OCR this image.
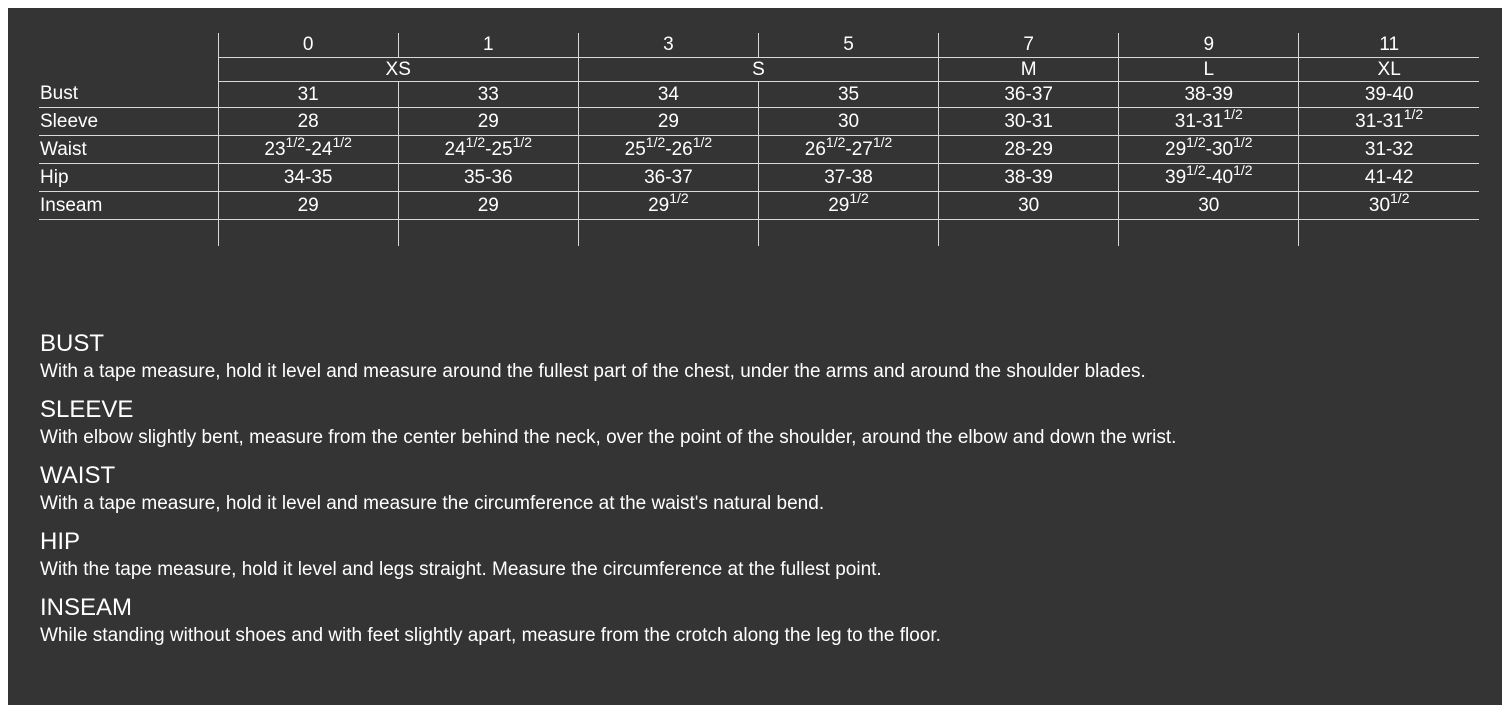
	0	1	3	5	7	9	11
	XS		S		M	L	XL
Bust	31	33	34	35	36-37	38-39	39-40
Sleeve	28	29	29	30	30-31	$31-31^{1/2}$	$31-31^{1/2}$
Waist	$23^{1/2}-24^{1/2}$	$24^{1/2}-25^{1/2}$	$25^{1/2}-26^{1/2}$	$26^{1/2}-27^{1/2}$	28-29	$29^{1/2}-30^{1/2}$	31-32
Hip	34-35	35-36	36-37	37-38	38-39	$39^{1/2}-40^{1/2}$	41-42
Inseam	29	29	$29^{1/2}$	$29^{1/2}$	30	30	$30^{1/2}$

BUST
With a tape measure, hold it level and measure around the fullest part of the chest, under the arms and around the shoulder blades.
SLEEVE
With elbow slightly bent, measure from the center behind the neck, over the point of the shoulder, around the elbow and down the wrist.
WAIST
With a tape measure, hold it level and measure the circumference at the waist's natural bend.
HIP
With the tape measure, hold it level and legs straight. Measure the circumference at the fullest point.
INSEAM
While standing without shoes and with feet slightly apart, measure from the crotch along the leg to the floor.
